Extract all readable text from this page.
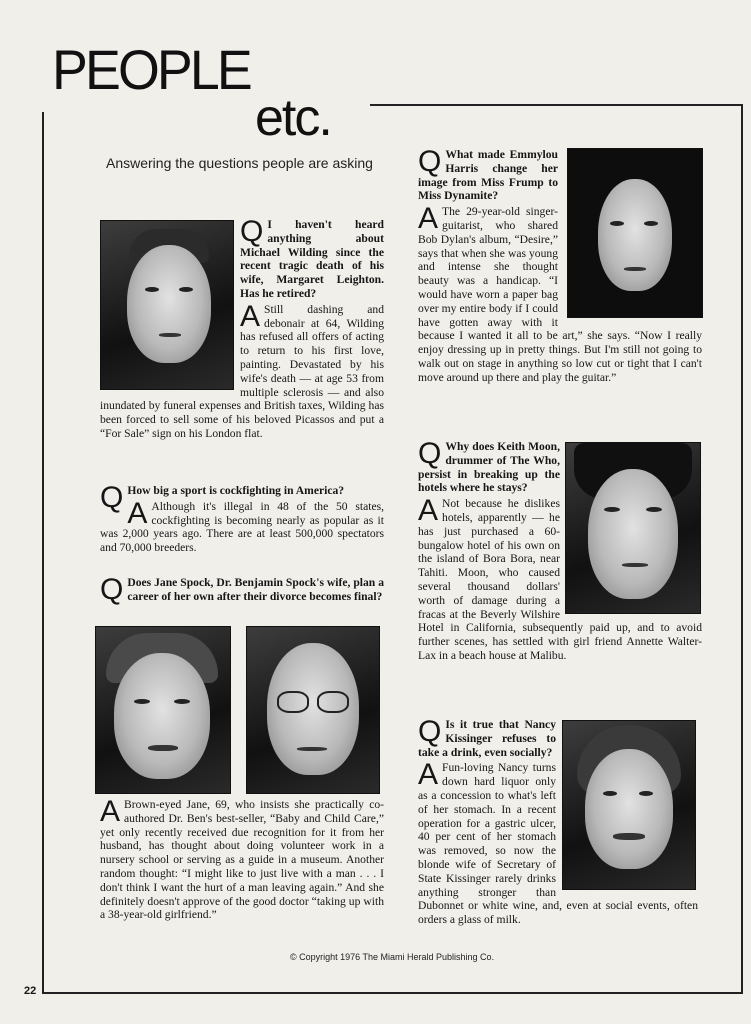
PEOPLE
etc.
Answering the questions people are asking
Q I haven't heard anything about Michael Wilding since the recent tragic death of his wife, Margaret Leighton. Has he retired?
A Still dashing and debonair at 64, Wilding has refused all offers of acting to return to his first love, painting. Devastated by his wife's death — at age 53 from multiple sclerosis — and also inundated by funeral expenses and British taxes, Wilding has been forced to sell some of his beloved Picassos and put a “For Sale” sign on his London flat.
Q How big a sport is cockfighting in America?
A Although it's illegal in 48 of the 50 states, cockfighting is becoming nearly as popular as it was 2,000 years ago. There are at least 500,000 spectators and 70,000 breeders.
Q Does Jane Spock, Dr. Benjamin Spock's wife, plan a career of her own after their divorce becomes final?
A Brown-eyed Jane, 69, who insists she practically co-authored Dr. Ben's best-seller, “Baby and Child Care,” yet only recently received due recognition for it from her husband, has thought about doing volunteer work in a nursery school or serving as a guide in a museum. Another random thought: “I might like to just live with a man . . . I don't think I want the hurt of a man leaving again.” And she definitely doesn't approve of the good doctor “taking up with a 38-year-old girlfriend.”
Q What made Emmylou Harris change her image from Miss Frump to Miss Dynamite?
A The 29-year-old singer-guitarist, who shared Bob Dylan's album, “Desire,” says that when she was young and intense she thought beauty was a handicap. “I would have worn a paper bag over my entire body if I could have gotten away with it because I wanted it all to be art,” she says. “Now I really enjoy dressing up in pretty things. But I'm still not going to walk out on stage in anything so low cut or tight that I can't move around up there and play the guitar.”
Q Why does Keith Moon, drummer of The Who, persist in breaking up the hotels where he stays?
A Not because he dislikes hotels, apparently — he has just purchased a 60-bungalow hotel of his own on the island of Bora Bora, near Tahiti. Moon, who caused several thousand dollars' worth of damage during a fracas at the Beverly Wilshire Hotel in California, subsequently paid up, and to avoid further scenes, has settled with girl friend Annette Walter-Lax in a beach house at Malibu.
Q Is it true that Nancy Kissinger refuses to take a drink, even socially?
A Fun-loving Nancy turns down hard liquor only as a concession to what's left of her stomach. In a recent operation for a gastric ulcer, 40 per cent of her stomach was removed, so now the blonde wife of Secretary of State Kissinger rarely drinks anything stronger than Dubonnet or white wine, and, even at social events, often orders a glass of milk.
© Copyright 1976 The Miami Herald Publishing Co.
22
